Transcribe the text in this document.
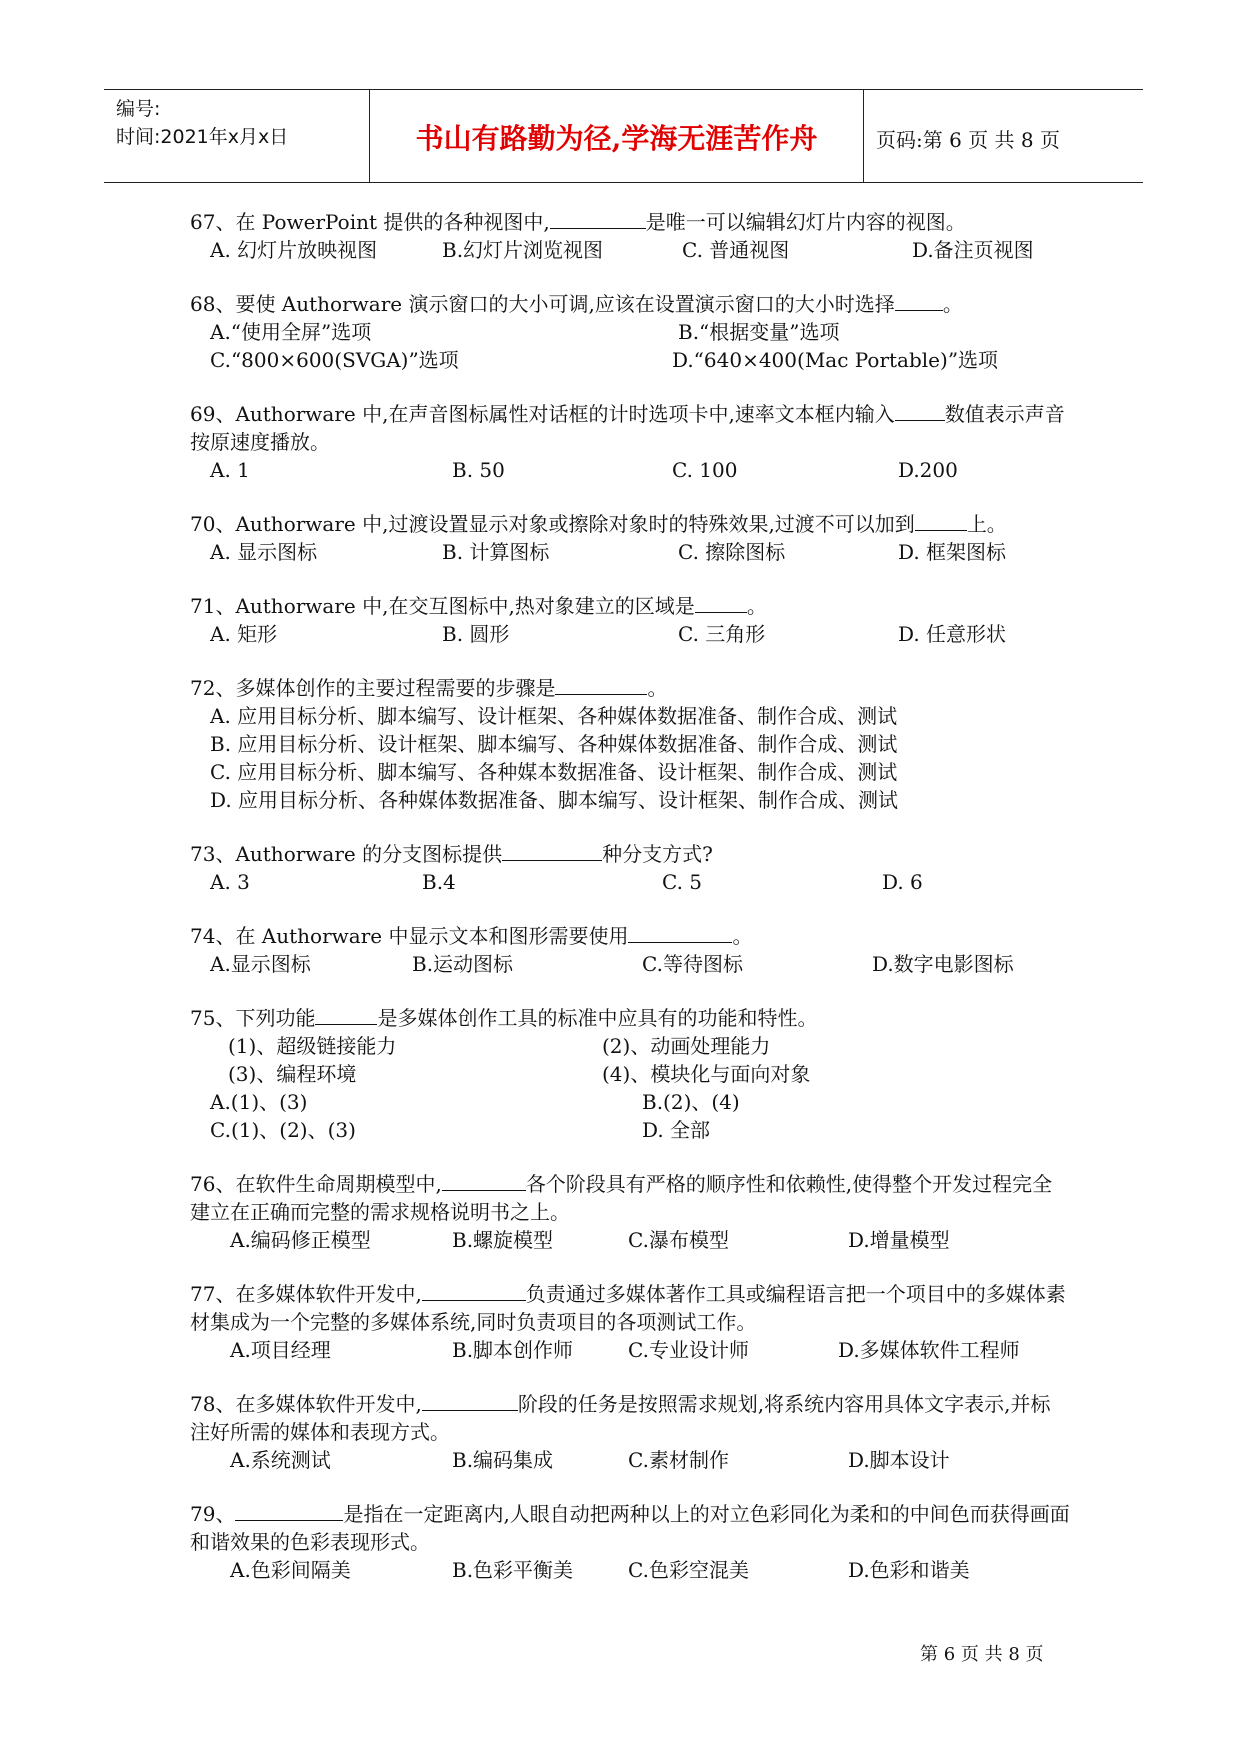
编号:
时间:2021年x月x日	书山有路勤为径,学海无涯苦作舟	页码:第 6 页 共 8 页
67、在 PowerPoint 提供的各种视图中,	是唯一可以编辑幻灯片内容的视图。
A. 幻灯片放映视图	B.幻灯片浏览视图	C. 普通视图	D.备注页视图
68、要使 Authorware 演示窗口的大小可调,应该在设置演示窗口的大小时选择 。
A.“使用全屏”选项	B.“根据变量”选项
C.“800×600(SVGA)”选项	D.“640×400(Mac Portable)”选项
69、Authorware 中,在声音图标属性对话框的计时选项卡中,速率文本框内输入	数值表示声音按原速度播放。
A. 1	B. 50	C. 100	D.200
70、Authorware 中,过渡设置显示对象或擦除对象时的特殊效果,过渡不可以加到	上。
A. 显示图标	B. 计算图标	C. 擦除图标	D. 框架图标
71、Authorware 中,在交互图标中,热对象建立的区域是	。
A. 矩形	B. 圆形	C. 三角形	D. 任意形状
72、多媒体创作的主要过程需要的步骤是	。
A. 应用目标分析、脚本编写、设计框架、各种媒体数据准备、制作合成、测试
B. 应用目标分析、设计框架、脚本编写、各种媒体数据准备、制作合成、测试
C. 应用目标分析、脚本编写、各种媒本数据准备、设计框架、制作合成、测试
D. 应用目标分析、各种媒体数据准备、脚本编写、设计框架、制作合成、测试
73、Authorware 的分支图标提供	种分支方式?
A. 3	B.4	C. 5	D. 6
74、在 Authorware 中显示文本和图形需要使用	。
A.显示图标	B.运动图标	C.等待图标	D.数字电影图标
75、下列功能	是多媒体创作工具的标准中应具有的功能和特性。
(1)、超级链接能力	(2)、动画处理能力
(3)、编程环境	(4)、模块化与面向对象
A.(1)、(3)	B.(2)、(4)
C.(1)、(2)、(3)	D. 全部
76、在软件生命周期模型中,	各个阶段具有严格的顺序性和依赖性,使得整个开发过程完全建立在正确而完整的需求规格说明书之上。
A.编码修正模型	B.螺旋模型	C.瀑布模型	D.增量模型
77、在多媒体软件开发中,	负责通过多媒体著作工具或编程语言把一个项目中的多媒体素材集成为一个完整的多媒体系统,同时负责项目的各项测试工作。
A.项目经理	B.脚本创作师	C.专业设计师	D.多媒体软件工程师
78、在多媒体软件开发中,	阶段的任务是按照需求规划,将系统内容用具体文字表示,并标注好所需的媒体和表现方式。
A.系统测试	B.编码集成	C.素材制作	D.脚本设计
79、	是指在一定距离内,人眼自动把两种以上的对立色彩同化为柔和的中间色而获得画面和谐效果的色彩表现形式。
A.色彩间隔美	B.色彩平衡美	C.色彩空混美	D.色彩和谐美
第 6 页 共 8 页
